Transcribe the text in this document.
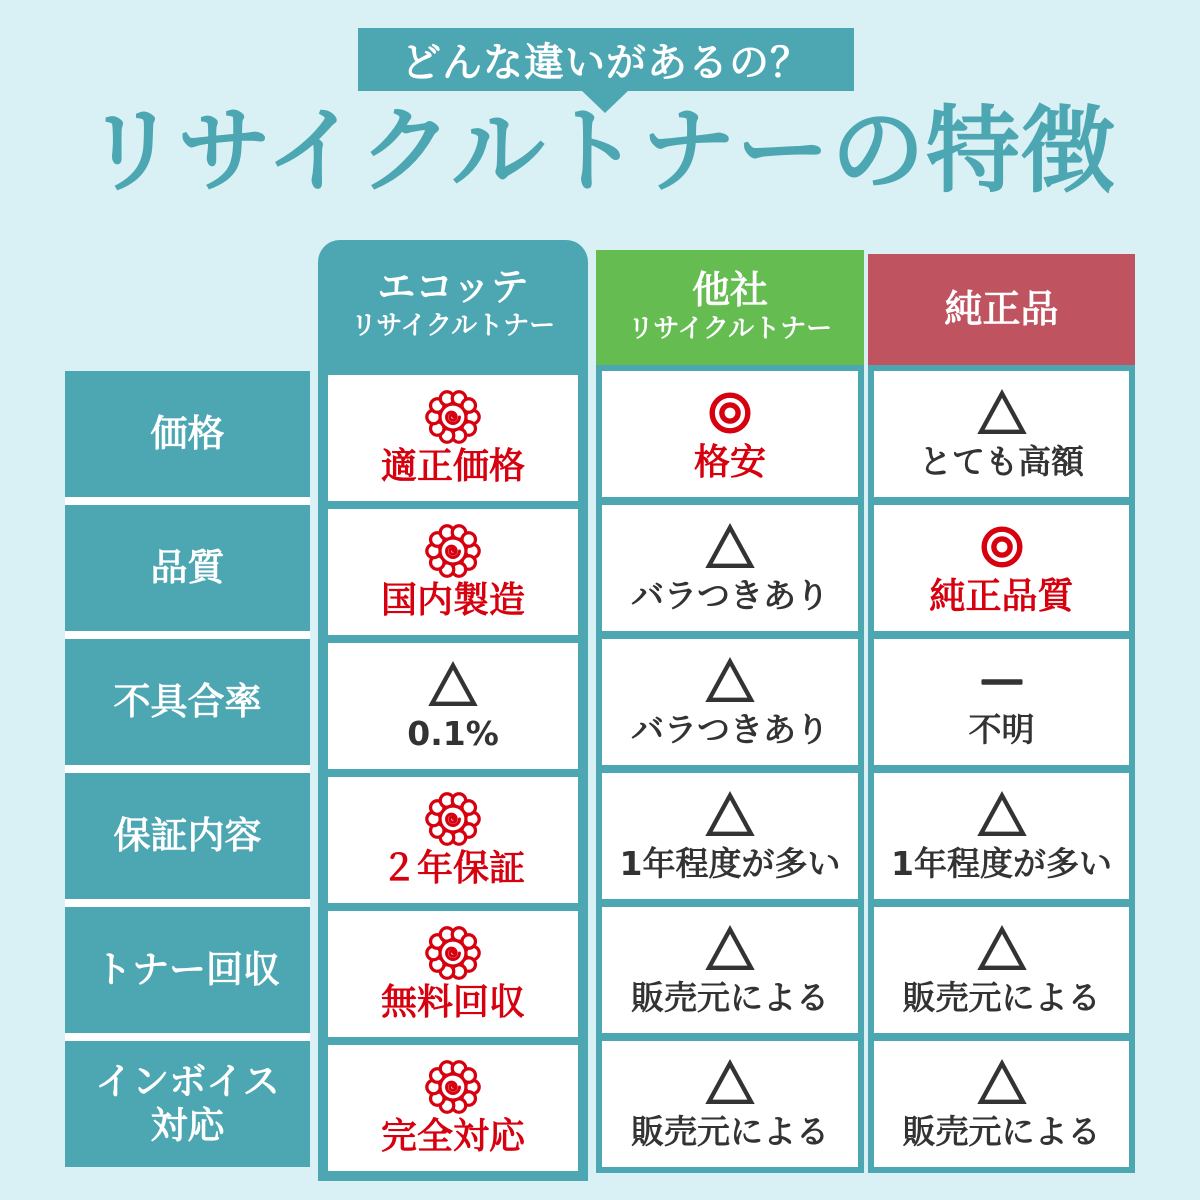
どんな違いがあるの？
リサイクルトナーの特徴
価格
品質
不具合率
保証内容
トナー回収
インボイス対応
エコッテ
リサイクルトナー
適正価格
国内製造
0.1%
２年保証
無料回収
完全対応
他社
リサイクルトナー
格安
バラつきあり
バラつきあり
1年程度が多い
販売元による
販売元による
純正品
とても高額
純正品質
不明
1年程度が多い
販売元による
販売元による
